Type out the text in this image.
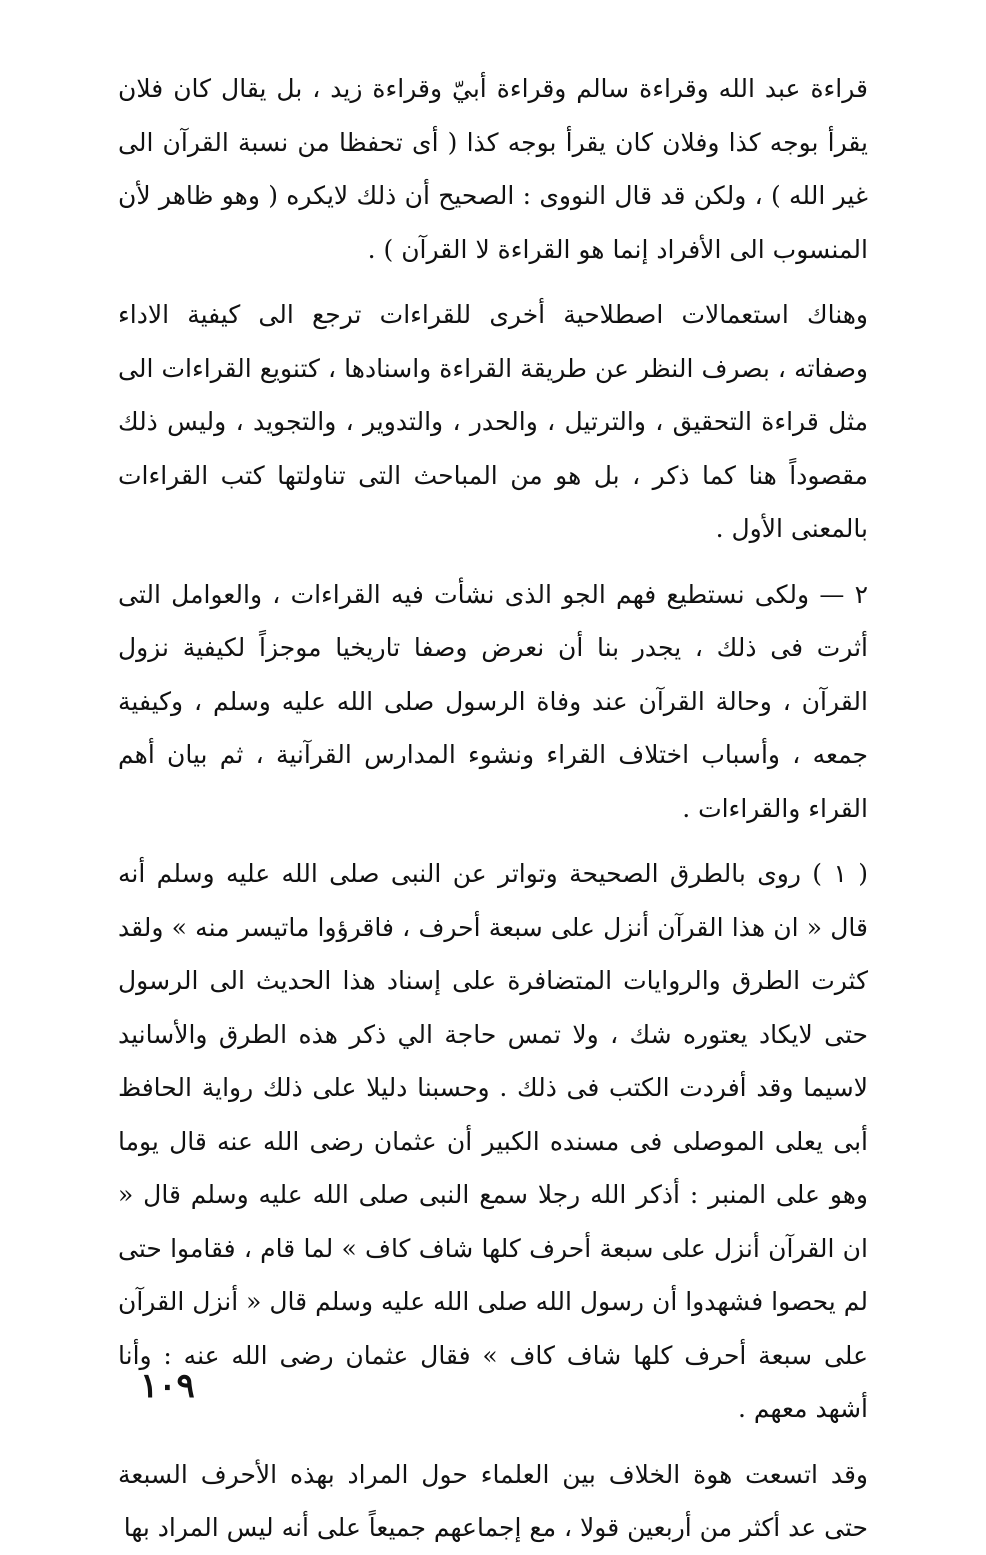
قراءة عبد الله وقراءة سالم وقراءة أبيّ وقراءة زيد ، بل يقال كان فلان يقرأ بوجه كذا وفلان كان يقرأ بوجه كذا ( أى تحفظا من نسبة القرآن الى غير الله ) ، ولكن قد قال النووى : الصحيح أن ذلك لايكره ( وهو ظاهر لأن المنسوب الى الأفراد إنما هو القراءة لا القرآن ) .

وهناك استعمالات اصطلاحية أخرى للقراءات ترجع الى كيفية الاداء وصفاته ، بصرف النظر عن طريقة القراءة واسنادها ، كتنويع القراءات الى مثل قراءة التحقيق ، والترتيل ، والحدر ، والتدوير ، والتجويد ، وليس ذلك مقصوداً هنا كما ذكر ، بل هو من المباحث التى تناولتها كتب القراءات بالمعنى الأول .

٢ — ولكى نستطيع فهم الجو الذى نشأت فيه القراءات ، والعوامل التى أثرت فى ذلك ، يجدر بنا أن نعرض وصفا تاريخيا موجزاً لكيفية نزول القرآن ، وحالة القرآن عند وفاة الرسول صلى الله عليه وسلم ، وكيفية جمعه ، وأسباب اختلاف القراء ونشوء المدارس القرآنية ، ثم بيان أهم القراء والقراءات .

( ١ ) روى بالطرق الصحيحة وتواتر عن النبى صلى الله عليه وسلم أنه قال « ان هذا القرآن أنزل على سبعة أحرف ، فاقرؤوا ماتيسر منه » ولقد كثرت الطرق والروايات المتضافرة على إسناد هذا الحديث الى الرسول حتى لايكاد يعتوره شك ، ولا تمس حاجة الي ذكر هذه الطرق والأسانيد لاسيما وقد أفردت الكتب فى ذلك . وحسبنا دليلا على ذلك رواية الحافظ أبى يعلى الموصلى فى مسنده الكبير أن عثمان رضى الله عنه قال يوما وهو على المنبر : أذكر الله رجلا سمع النبى صلى الله عليه وسلم قال « ان القرآن أنزل على سبعة أحرف كلها شاف كاف » لما قام ، فقاموا حتى لم يحصوا فشهدوا أن رسول الله صلى الله عليه وسلم قال « أنزل القرآن على سبعة أحرف كلها شاف كاف » فقال عثمان رضى الله عنه : وأنا أشهد معهم .

وقد اتسعت هوة الخلاف بين العلماء حول المراد بهذه الأحرف السبعة حتى عد أكثر من أربعين قولا ، مع إجماعهم جميعاً على أنه ليس المراد بها

١٠٩
